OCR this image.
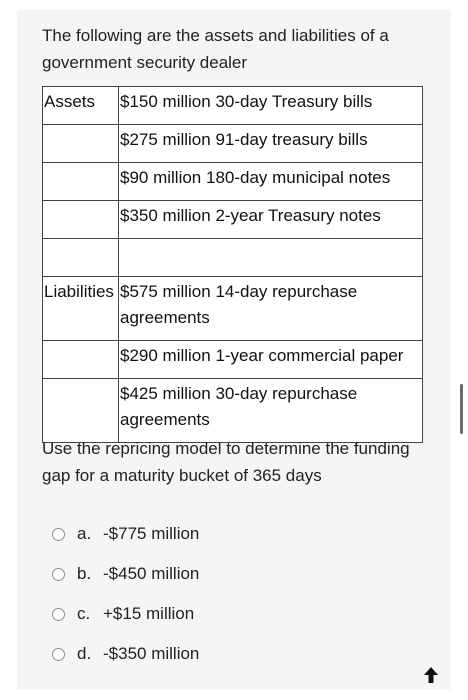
The following are the assets and liabilities of a government security dealer
Assets	$150 million 30-day Treasury bills
	$275 million 91-day treasury bills
	$90 million 180-day municipal notes
	$350 million 2-year Treasury notes

Liabilities	$575 million 14-day repurchase agreements
	$290 million 1-year commercial paper
	$425 million 30-day repurchase agreements
Use the repricing model to determine the funding gap for a maturity bucket of 365 days
a. -$775 million
b. -$450 million
c. +$15 million
d. -$350 million
